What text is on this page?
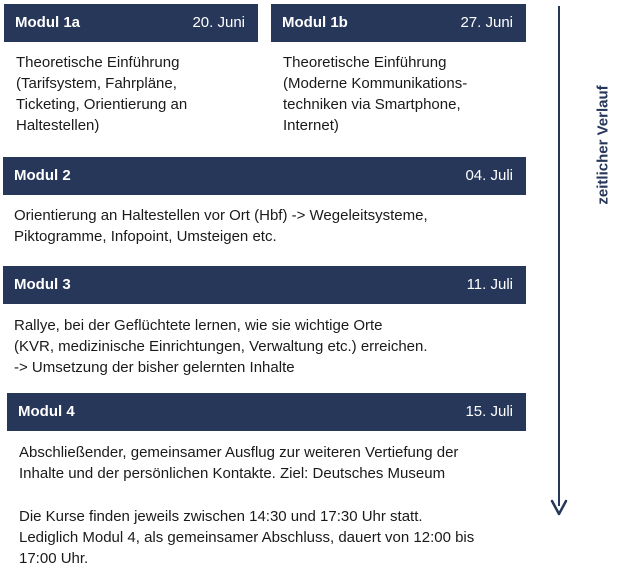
Modul 1a	20. Juni
Theoretische Einführung
(Tarifsystem, Fahrpläne,
Ticketing, Orientierung an
Haltestellen)
Modul 1b	27. Juni
Theoretische Einführung
(Moderne Kommunikations-
techniken via Smartphone,
Internet)
Modul 2	04. Juli
Orientierung an Haltestellen vor Ort (Hbf) -> Wegeleitsysteme,
Piktogramme, Infopoint, Umsteigen etc.
Modul 3	11. Juli
Rallye, bei der Geflüchtete lernen, wie sie wichtige Orte
(KVR, medizinische Einrichtungen, Verwaltung etc.) erreichen.
-> Umsetzung der bisher gelernten Inhalte
Modul 4	15. Juli
Abschließender, gemeinsamer Ausflug zur weiteren Vertiefung der
Inhalte und der persönlichen Kontakte. Ziel: Deutsches Museum
Die Kurse finden jeweils zwischen 14:30 und 17:30 Uhr statt.
Lediglich Modul 4, als gemeinsamer Abschluss, dauert von 12:00 bis
17:00 Uhr.
zeitlicher Verlauf
